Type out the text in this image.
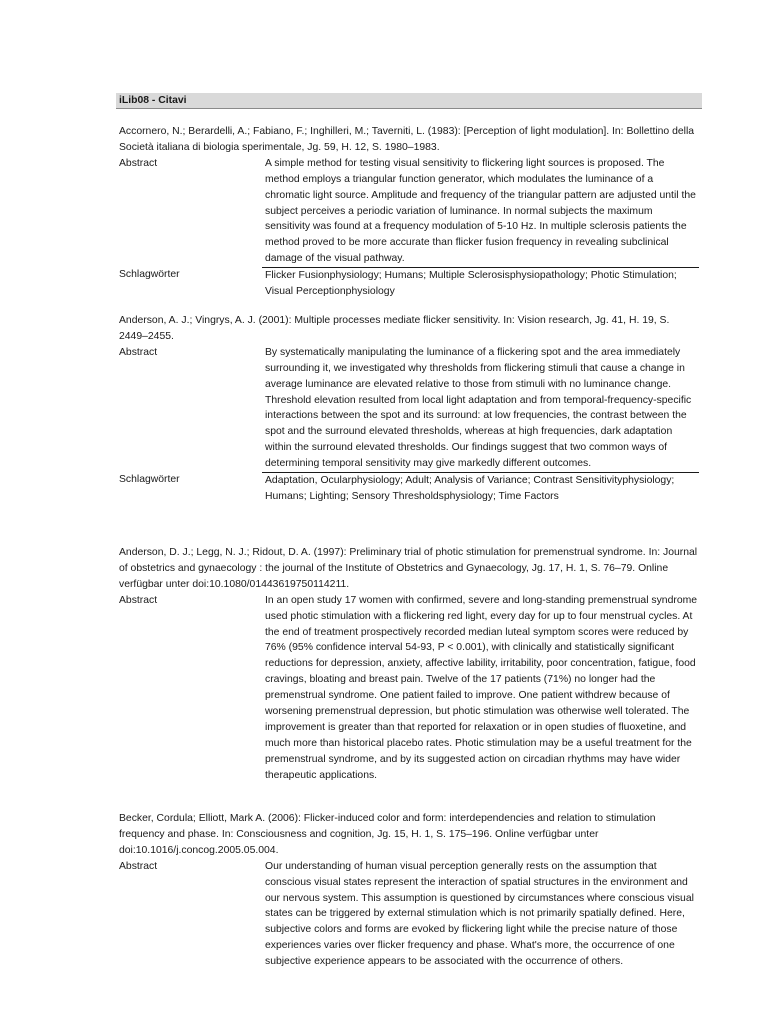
iLib08 - Citavi

Accornero, N.; Berardelli, A.; Fabiano, F.; Inghilleri, M.; Taverniti, L. (1983): [Perception of light modulation]. In: Bollettino della Società italiana di biologia sperimentale, Jg. 59, H. 12, S. 1980–1983.

Abstract	A simple method for testing visual sensitivity to flickering light sources is proposed. The method employs a triangular function generator, which modulates the luminance of a chromatic light source. Amplitude and frequency of the triangular pattern are adjusted until the subject perceives a periodic variation of luminance. In normal subjects the maximum sensitivity was found at a frequency modulation of 5-10 Hz. In multiple sclerosis patients the method proved to be more accurate than flicker fusion frequency in revealing subclinical damage of the visual pathway.
Schlagwörter	Flicker Fusionphysiology; Humans; Multiple Sclerosisphysiopathology; Photic Stimulation; Visual Perceptionphysiology

Anderson, A. J.; Vingrys, A. J. (2001): Multiple processes mediate flicker sensitivity. In: Vision research, Jg. 41, H. 19, S. 2449–2455.

Abstract	By systematically manipulating the luminance of a flickering spot and the area immediately surrounding it, we investigated why thresholds from flickering stimuli that cause a change in average luminance are elevated relative to those from stimuli with no luminance change. Threshold elevation resulted from local light adaptation and from temporal-frequency-specific interactions between the spot and its surround: at low frequencies, the contrast between the spot and the surround elevated thresholds, whereas at high frequencies, dark adaptation within the surround elevated thresholds. Our findings suggest that two common ways of determining temporal sensitivity may give markedly different outcomes.
Schlagwörter	Adaptation, Ocularphysiology; Adult; Analysis of Variance; Contrast Sensitivityphysiology; Humans; Lighting; Sensory Thresholdsphysiology; Time Factors

Anderson, D. J.; Legg, N. J.; Ridout, D. A. (1997): Preliminary trial of photic stimulation for premenstrual syndrome. In: Journal of obstetrics and gynaecology : the journal of the Institute of Obstetrics and Gynaecology, Jg. 17, H. 1, S. 76–79. Online verfügbar unter doi:10.1080/01443619750114211.

Abstract	In an open study 17 women with confirmed, severe and long-standing premenstrual syndrome used photic stimulation with a flickering red light, every day for up to four menstrual cycles. At the end of treatment prospectively recorded median luteal symptom scores were reduced by 76% (95% confidence interval 54-93, P < 0.001), with clinically and statistically significant reductions for depression, anxiety, affective lability, irritability, poor concentration, fatigue, food cravings, bloating and breast pain. Twelve of the 17 patients (71%) no longer had the premenstrual syndrome. One patient failed to improve. One patient withdrew because of worsening premenstrual depression, but photic stimulation was otherwise well tolerated. The improvement is greater than that reported for relaxation or in open studies of fluoxetine, and much more than historical placebo rates. Photic stimulation may be a useful treatment for the premenstrual syndrome, and by its suggested action on circadian rhythms may have wider therapeutic applications.

Becker, Cordula; Elliott, Mark A. (2006): Flicker-induced color and form: interdependencies and relation to stimulation frequency and phase. In: Consciousness and cognition, Jg. 15, H. 1, S. 175–196. Online verfügbar unter doi:10.1016/j.concog.2005.05.004.

Abstract	Our understanding of human visual perception generally rests on the assumption that conscious visual states represent the interaction of spatial structures in the environment and our nervous system. This assumption is questioned by circumstances where conscious visual states can be triggered by external stimulation which is not primarily spatially defined. Here, subjective colors and forms are evoked by flickering light while the precise nature of those experiences varies over flicker frequency and phase. What's more, the occurrence of one subjective experience appears to be associated with the occurrence of others.
